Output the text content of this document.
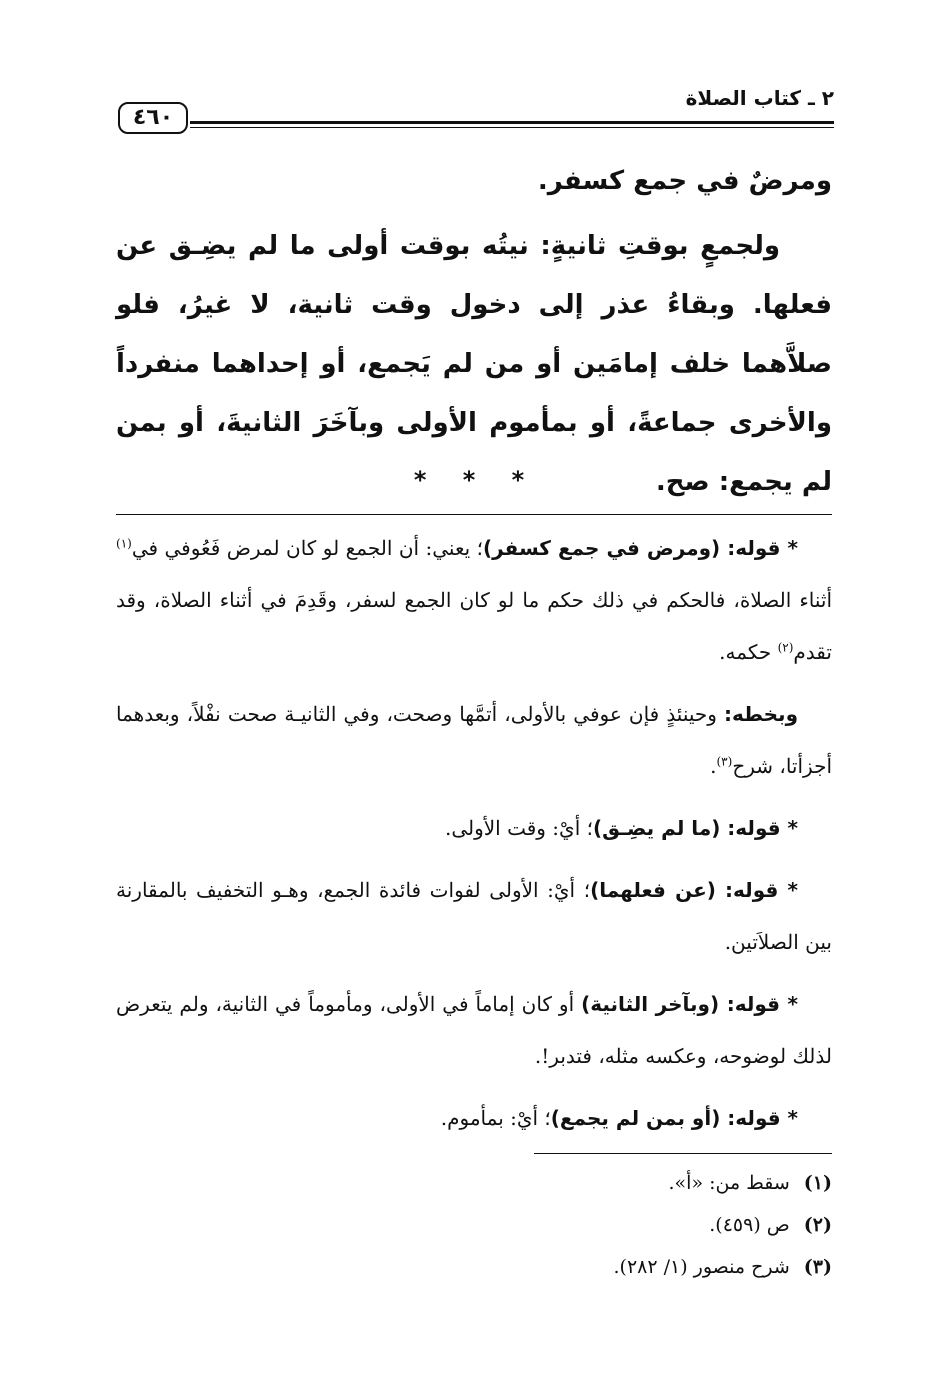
٤٦٠
٢ ـ كتاب الصلاة

ومرضٌ في جمع كسفر.

ولجمعٍ بوقتِ ثانيةٍ: نيتُه بوقت أولى ما لم يضِـق عن فعلها. وبقاءُ عذر إلى دخول وقت ثانية، لا غيرُ، فلو صلاَّهما خلف إمامَين أو من لم يَجمع، أو إحداهما منفرداً والأخرى جماعةً، أو بمأموم الأولى وبآخَرَ الثانيةَ، أو بمن لم يجمع: صح.

* * *

* قوله: (ومرض في جمع كسفر)؛ يعني: أن الجمع لو كان لمرض فَعُوفي في$^{(١)}$ أثناء الصلاة، فالحكم في ذلك حكم ما لو كان الجمع لسفر، وقَدِمَ في أثناء الصلاة، وقد تقدم$^{(٢)}$ حكمه.

وبخطه: وحينئذٍ فإن عوفي بالأولى، أتمَّها وصحت، وفي الثانيـة صحت نفْلاً، وبعدهما أجزأتا، شرح$^{(٣)}$.

* قوله: (ما لم يضِـق)؛ أيْ: وقت الأولى.

* قوله: (عن فعلهما)؛ أيْ: الأولى لفوات فائدة الجمع، وهـو التخفيف بالمقارنة بين الصلاَتين.

* قوله: (وبآخر الثانية) أو كان إماماً في الأولى، ومأموماً في الثانية، ولم يتعرض لذلك لوضوحه، وعكسه مثله، فتدبر!.

* قوله: (أو بمن لم يجمع)؛ أيْ: بمأموم.

(١)سقط من: «أ».

(٢)ص (٤٥٩).

(٣)شرح منصور (١/ ٢٨٢).
